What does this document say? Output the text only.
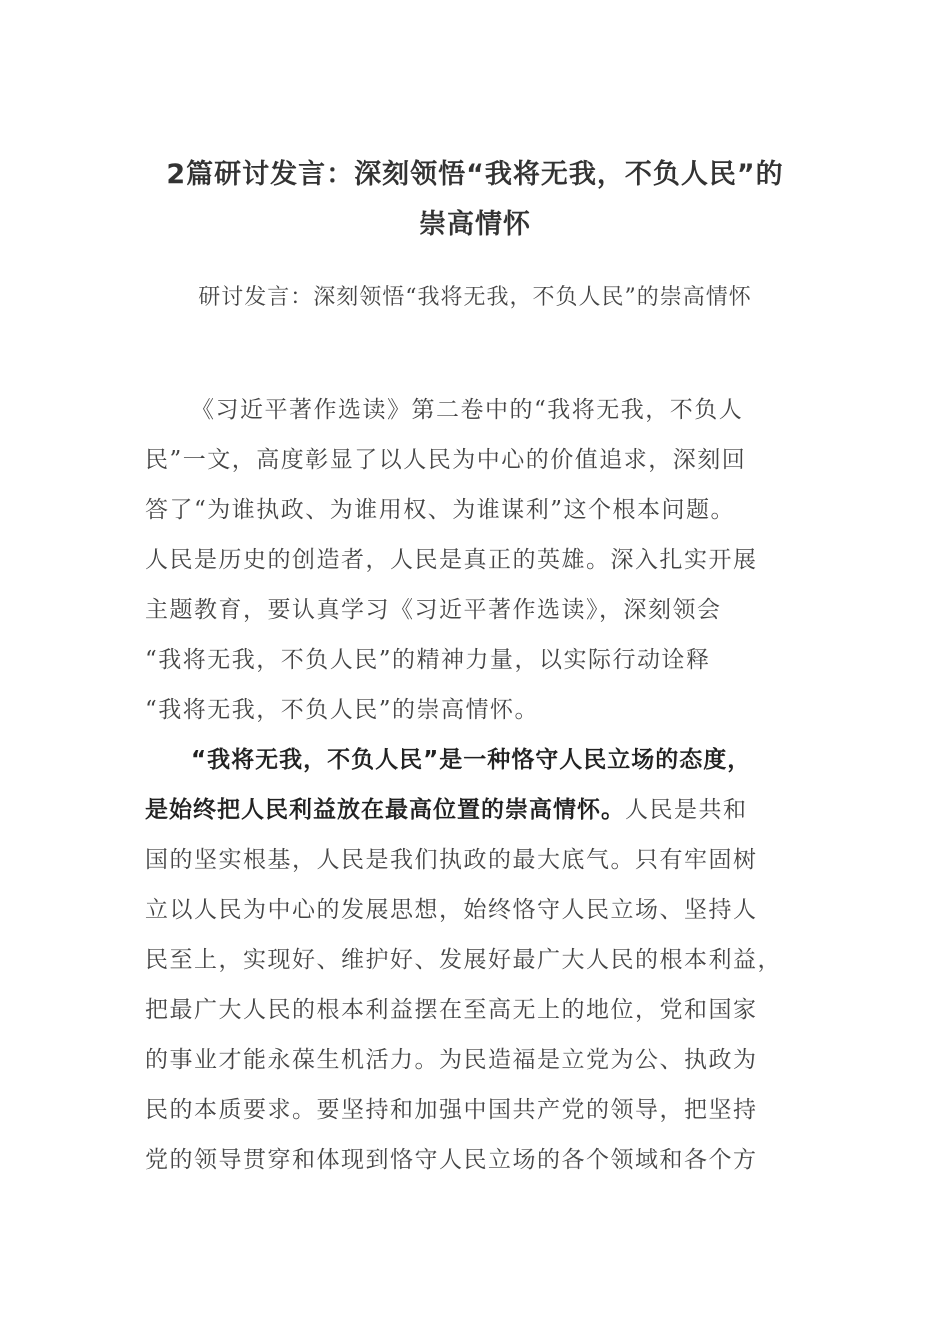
2篇研讨发言：深刻领悟“我将无我，不负人民”的
崇高情怀
研讨发言：深刻领悟“我将无我，不负人民”的崇高情怀
《习近平著作选读》第二卷中的“我将无我，不负人
民”一文，高度彰显了以人民为中心的价值追求，深刻回
答了“为谁执政、为谁用权、为谁谋利”这个根本问题。
人民是历史的创造者，人民是真正的英雄。深入扎实开展
主题教育，要认真学习《习近平著作选读》，深刻领会
“我将无我，不负人民”的精神力量，以实际行动诠释
“我将无我，不负人民”的崇高情怀。
“我将无我，不负人民”是一种恪守人民立场的态度，
是始终把人民利益放在最高位置的崇高情怀。人民是共和
国的坚实根基，人民是我们执政的最大底气。只有牢固树
立以人民为中心的发展思想，始终恪守人民立场、坚持人
民至上，实现好、维护好、发展好最广大人民的根本利益，
把最广大人民的根本利益摆在至高无上的地位，党和国家
的事业才能永葆生机活力。为民造福是立党为公、执政为
民的本质要求。要坚持和加强中国共产党的领导，把坚持
党的领导贯穿和体现到恪守人民立场的各个领域和各个方
